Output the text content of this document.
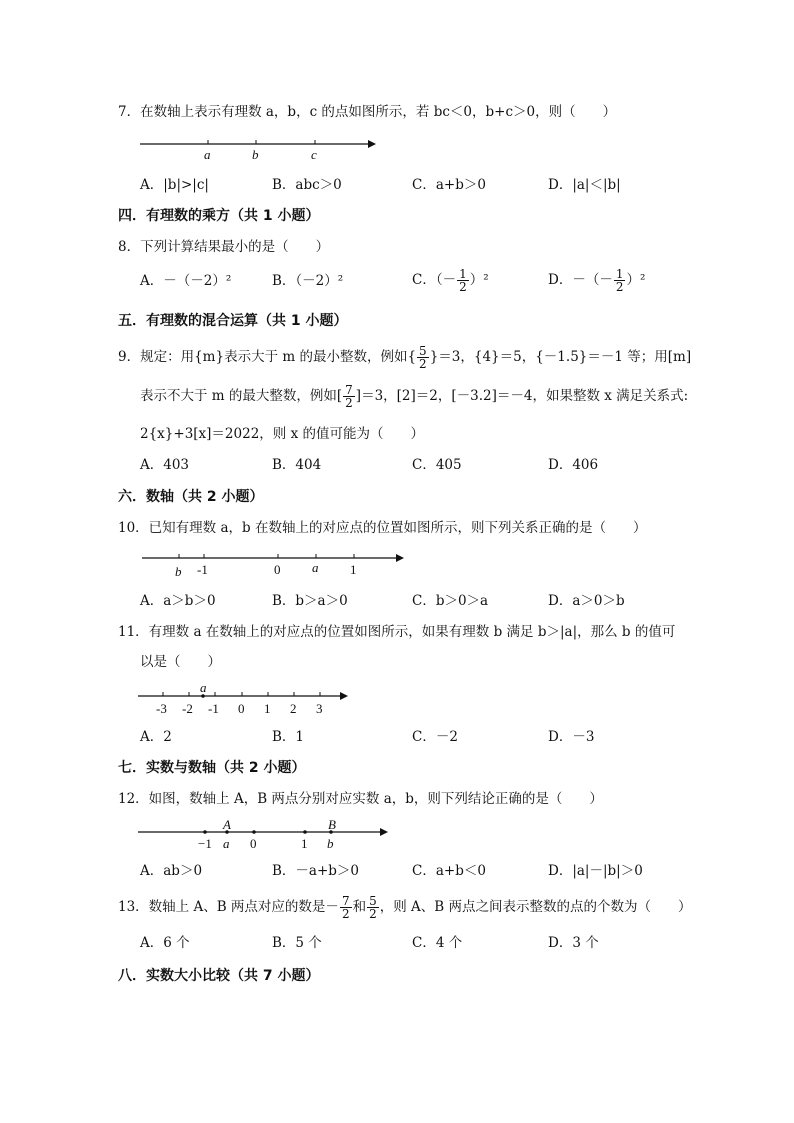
7．在数轴上表示有理数 a，b，c 的点如图所示，若 bc＜0，b+c＞0，则（　　）
a	b	c
A．|b|>|c|	B．abc＞0	C．a+b＞0	D．|a|＜|b|
四．有理数的乘方（共 1 小题）
8．下列计算结果最小的是（　　）
A．－（－2）²	B．（－2）²	C．（－ $\frac{1}{2} )^2$	D．－（－ $\frac{1}{2} )^2$
五．有理数的混合运算（共 1 小题）
9．规定：用{m}表示大于 m 的最小整数，例如{ $\frac{5}{2} \}=3$，{4}＝5，{－1.5}＝－1 等；用[m]
表示不大于 m 的最大整数，例如[ $\frac{7}{2} ]=3$，[2]＝2，[－3.2]＝－4，如果整数 x 满足关系式:
2{x}+3[x]＝2022，则 x 的值可能为（　　）
A．403	B．404	C．405	D．406
六．数轴（共 2 小题）
10．已知有理数 a，b 在数轴上的对应点的位置如图所示，则下列关系正确的是（　　）
b -1	0 a 1
A．a＞b＞0	B．b＞a＞0	C．b＞0＞a	D．a＞0＞b
11．有理数 a 在数轴上的对应点的位置如图所示，如果有理数 b 满足 b＞|a|，那么 b 的值可
以是（　　）
a
-3 -2 -1 0 1 2 3
A．2	B．1	C．－2	D．－3
七．实数与数轴（共 2 小题）
12．如图，数轴上 A，B 两点分别对应实数 a，b，则下列结论正确的是（　　）
A	B
−1 a 0	1 b
A．ab＞0	B．－a+b＞0	C．a+b＜0	D．|a|－|b|＞0
13．数轴上 A、B 两点对应的数是－ $\frac{7}{2}$ 和 $\frac{5}{2}$ ，则 A、B 两点之间表示整数的点的个数为（　　）
A．6 个	B．5 个	C．4 个	D．3 个
八．实数大小比较（共 7 小题）
